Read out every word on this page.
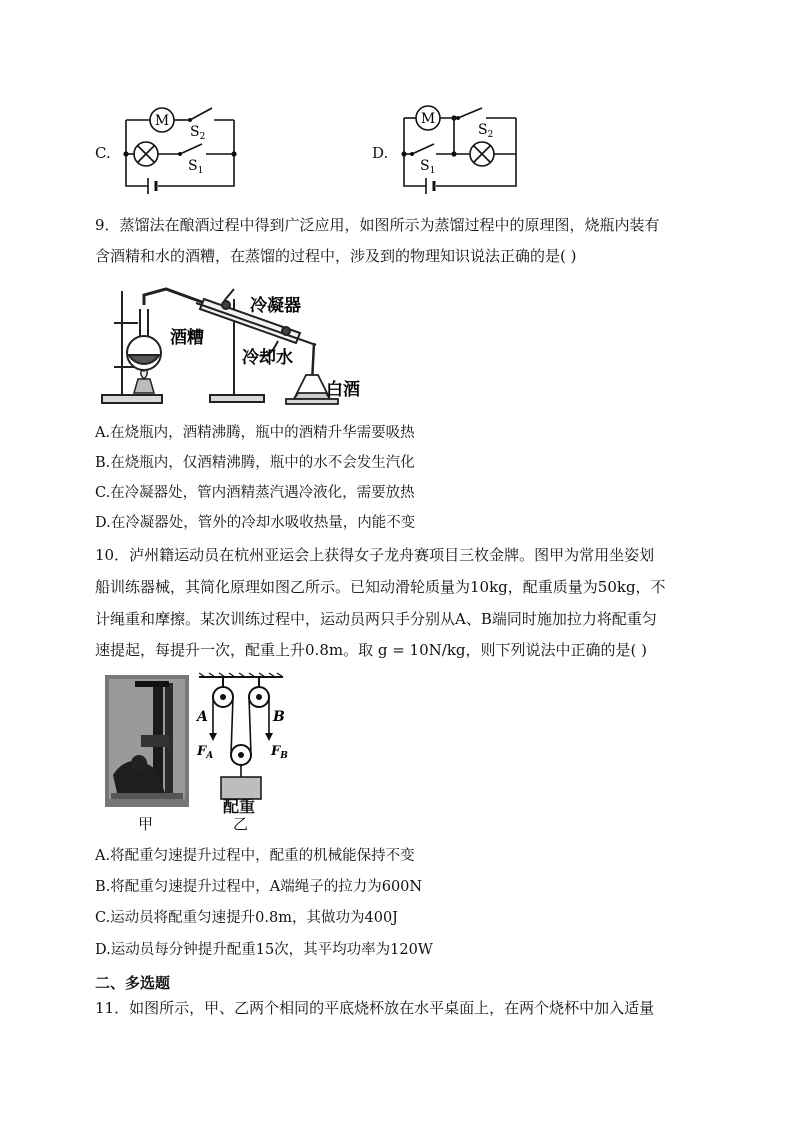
C.
M
$S_2$
$S_1$
D.
M
$S_2$
$S_1$
9．蒸馏法在酿酒过程中得到广泛应用，如图所示为蒸馏过程中的原理图，烧瓶内装有
含酒精和水的酒糟，在蒸馏的过程中，涉及到的物理知识说法正确的是( )
冷凝器
酒糟
冷却水
白酒
A.在烧瓶内，酒精沸腾，瓶中的酒精升华需要吸热
B.在烧瓶内，仅酒精沸腾，瓶中的水不会发生汽化
C.在冷凝器处，管内酒精蒸汽遇冷液化，需要放热
D.在冷凝器处，管外的冷却水吸收热量，内能不变
10．泸州籍运动员在杭州亚运会上获得女子龙舟赛项目三枚金牌。图甲为常用坐姿划
船训练器械，其简化原理如图乙所示。已知动滑轮质量为10kg，配重质量为50kg，不
计绳重和摩擦。某次训练过程中，运动员两只手分别从A、B端同时施加拉力将配重匀
速提起，每提升一次，配重上升0.8m。取 g = 10N/kg，则下列说法中正确的是( )
甲
A	B
$F_A$	$F_B$
配重
乙
A.将配重匀速提升过程中，配重的机械能保持不变
B.将配重匀速提升过程中，A端绳子的拉力为600N
C.运动员将配重匀速提升0.8m，其做功为400J
D.运动员每分钟提升配重15次，其平均功率为120W
二、多选题
11．如图所示，甲、乙两个相同的平底烧杯放在水平桌面上，在两个烧杯中加入适量
